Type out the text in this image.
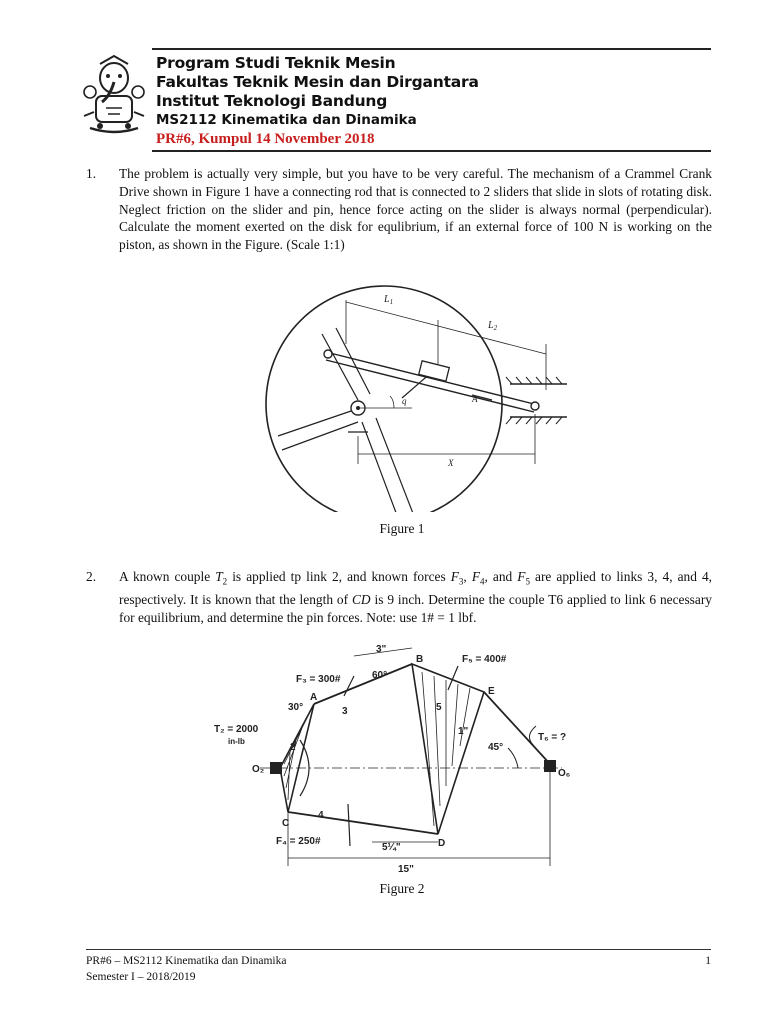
Program Studi Teknik Mesin
Fakultas Teknik Mesin dan Dirgantara
Institut Teknologi Bandung
MS2112 Kinematika dan Dinamika
PR#6, Kumpul 14 November 2018
1. The problem is actually very simple, but you have to be very careful. The mechanism of a Crammel Crank Drive shown in Figure 1 have a connecting rod that is connected to 2 sliders that slide in slots of rotating disk. Neglect friction on the slider and pin, hence force acting on the slider is always normal (perpendicular). Calculate the moment exerted on the disk for equlibrium, if an external force of 100 N is working on the piston, as shown in the Figure. (Scale 1:1)
$L_1$
$L_2$
q	A
X
Figure 1
2. A known couple $T_2$ is applied tp link 2, and known forces $F_3$, $F_4$, and $F_5$ are applied to links 3, 4, and 4, respectively. It is known that the length of CD is 9 inch. Determine the couple T6 applied to link 6 necessary for equilibrium, and determine the pin forces. Note: use 1# = 1 lbf.
F₃ = 300#
F₅ = 400#
F₄ = 250#
T₂ = 2000
in-lb	T₆ = ?
O₂	O₆
A
B
C
D
E
3"
60°
30°
45°
2
3
4
5
1"
5¼"
15"
Figure 2
PR#6 – MS2112 Kinematika dan Dinamika
Semester I – 2018/2019
1
